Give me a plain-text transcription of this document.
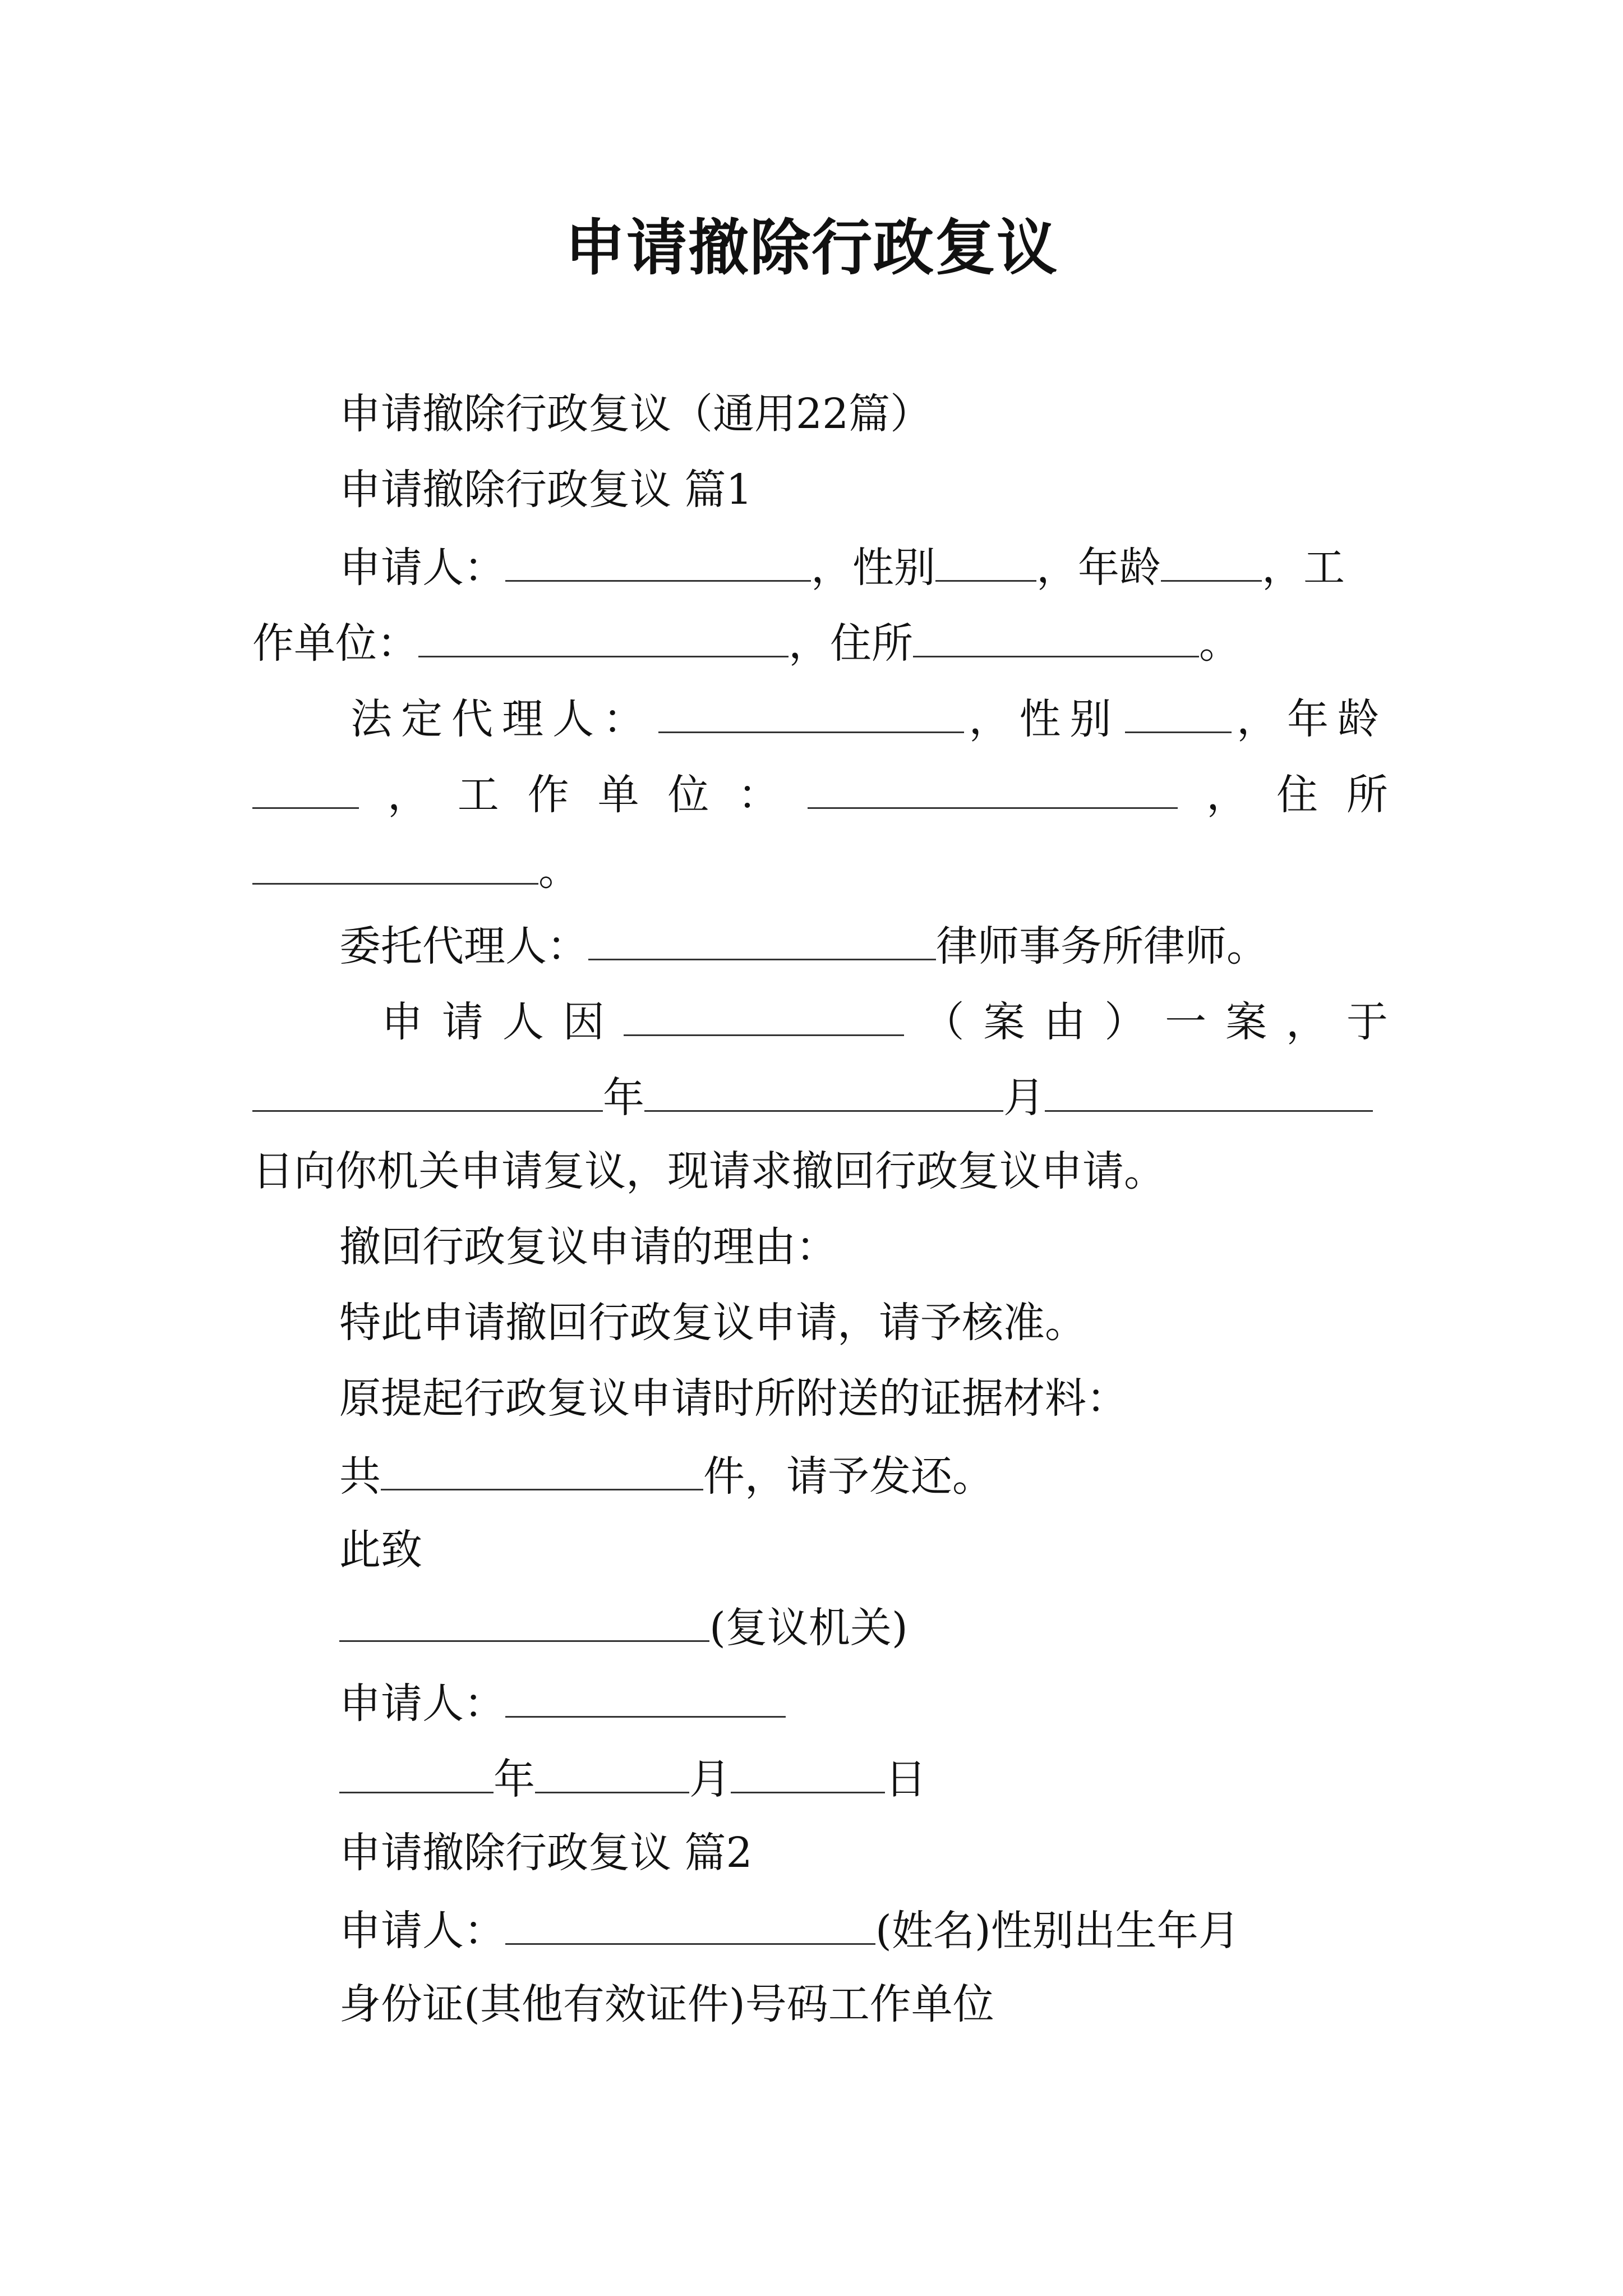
申请撤除行政复议

申请撤除行政复议（通用22篇）

申请撤除行政复议 篇1

申请人：	，性别 ，年龄 ，工
作单位：	，住所	。
法定代理人：	，性别	，年龄
， 工 作 单 位 ：	， 住 所
。
委托代理人：	律师事务所律师。
申 请 人 因	（ 案 由 ） 一 案 ， 于
年	月

日向你机关申请复议，现请求撤回行政复议申请。

撤回行政复议申请的理由：

特此申请撤回行政复议申请，请予核准。

原提起行政复议申请时所附送的证据材料：

共	件，请予发还。

此致

(复议机关)
申请人：
年	月	日

申请撤除行政复议 篇2

申请人：	(姓名)性别出生年月

身份证(其他有效证件)号码工作单位
